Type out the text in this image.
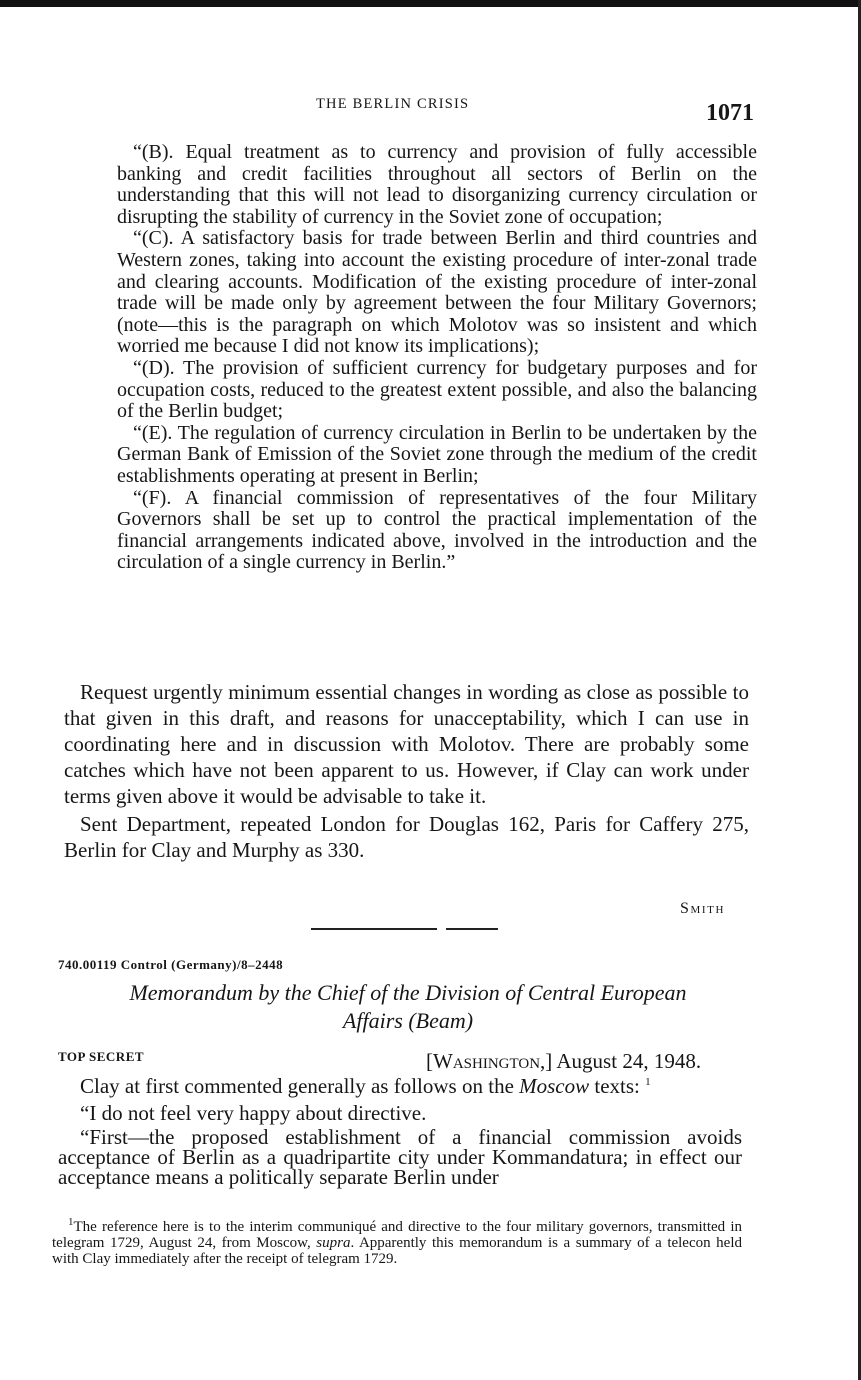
THE BERLIN CRISIS	1071

“(B). Equal treatment as to currency and provision of fully accessible banking and credit facilities throughout all sectors of Berlin on the understanding that this will not lead to disorganizing currency circulation or disrupting the stability of currency in the Soviet zone of occupation;

“(C). A satisfactory basis for trade between Berlin and third countries and Western zones, taking into account the existing procedure of inter-zonal trade and clearing accounts. Modification of the existing procedure of inter-zonal trade will be made only by agreement between the four Military Governors; (note—this is the paragraph on which Molotov was so insistent and which worried me because I did not know its implications);

“(D). The provision of sufficient currency for budgetary purposes and for occupation costs, reduced to the greatest extent possible, and also the balancing of the Berlin budget;

“(E). The regulation of currency circulation in Berlin to be undertaken by the German Bank of Emission of the Soviet zone through the medium of the credit establishments operating at present in Berlin;

“(F). A financial commission of representatives of the four Military Governors shall be set up to control the practical implementation of the financial arrangements indicated above, involved in the introduction and the circulation of a single currency in Berlin.”

Request urgently minimum essential changes in wording as close as possible to that given in this draft, and reasons for unacceptability, which I can use in coordinating here and in discussion with Molotov. There are probably some catches which have not been apparent to us. However, if Clay can work under terms given above it would be advisable to take it.

Sent Department, repeated London for Douglas 162, Paris for Caffery 275, Berlin for Clay and Murphy as 330.

Smith
740.00119 Control (Germany)/8–2448
Memorandum by the Chief of the Division of Central European
Affairs (Beam)
TOP SECRET	[Washington,] August 24, 1948.

Clay at first commented generally as follows on the Moscow texts: $^1$

“I do not feel very happy about directive.

“First—the proposed establishment of a financial commission avoids acceptance of Berlin as a quadripartite city under Kommandatura; in effect our acceptance means a politically separate Berlin under

$^1$The reference here is to the interim communiqué and directive to the four military governors, transmitted in telegram 1729, August 24, from Moscow, supra. Apparently this memorandum is a summary of a telecon held with Clay immediately after the receipt of telegram 1729.
